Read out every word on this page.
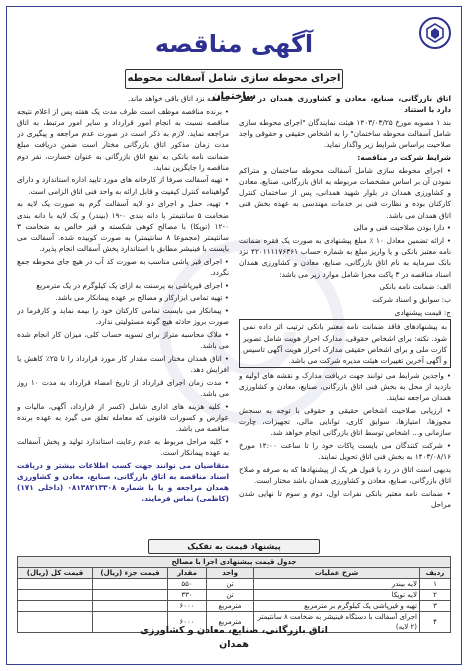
آگهی مناقصه
اجرای محوطه سازی شامل آسفالت محوطه ساختمان

اتاق بازرگانی، صنایع، معادن و کشاورزی همدان در نظر دارد با استناد

بند ۱ مصوبه مورخ ۱۴۰۳/۰۳/۲۵ هیئت نمایندگان "اجرای محوطه سازی شامل آسفالت محوطه ساختمان" را به اشخاص حقیقی و حقوقی واجد صلاحیت براساس شرایط زیر واگذار نماید.

شرایط شرکت در مناقصه:

• اجرای محوطه سازی شامل آسفالت محوطه ساختمان و متراکم نمودن آن بر اساس مشخصات مربوطه به اتاق بازرگانی، صنایع، معادن و کشاورزی همدان در بلوار شهید همدانی، پس از ساختمان کنترل کارکنان بوده و نظارت فنی بر خدمات مهندسی به عهده بخش فنی اتاق همدان می باشد.

• دارا بودن صلاحیت فنی و مالی

• ارائه تضمین معادل ۱۰ ٪ مبلغ پیشنهادی به صورت یک فقره ضمانت نامه معتبر بانکی و یا واریز مبلغ به شماره حساب ۴۲۰۱۱۱۱۷۶۳۶۱ نزد بانک سرمایه به نام اتاق بازرگانی، صنایع، معادن و کشاورزی همدان اسناد مناقصه در ۳ پاکت مجزا شامل موارد زیر می باشد:

الف: ضمانت نامه بانکی

ب: سوابق و اسناد شرکت

ج: قیمت پیشنهادی

به پیشنهادهای فاقد ضمانت نامه معتبر بانکی ترتیب اثر داده نمی شود. نکته: برای اشخاص حقوقی، مدارک احراز هویت شامل تصویر کارت ملی و برای اشخاص حقیقی مدارک احراز هویت آگهی تاسیس و آگهی آخرین تغییرات هیئت مدیره شرکت می باشد.

• واجدین شرایط می توانند جهت دریافت مدارک و نقشه های اولیه و بازدید از محل به بخش فنی اتاق بازرگانی، صنایع، معادن و کشاورزی همدان مراجعه نمایند.

• ارزیابی صلاحیت اشخاص حقیقی و حقوقی با توجه به سنجش مجوزها، امتیازها، سوابق کاری، توانایی مالی، تجهیزات، چارت سازمانی و... اشخاص توسط اتاق بازرگانی انجام خواهد شد.

• شرکت کنندگان می بایست پاکات خود را تا ساعت ۱۴:۰۰ مورخ ۱۴۰۳/۰۸/۱۶ به بخش فنی اتاق تحویل نمایند.

بدیهی است اتاق در رد یا قبول هر یک از پیشنهادها که به صرفه و صلاح اتاق بازرگانی، صنایع، معادن و کشاورزی همدان باشد مختار است.

• ضمانت نامه معتبر بانکی نفرات اول، دوم و سوم تا نهایی شدن مراحل

مناقصه نزد اتاق باقی خواهد ماند.

• برنده مناقصه موظف است ظرف مدت یک هفته پس از اعلام نتیجه مناقصه نسبت به انجام امور قرارداد و سایر امور مرتبط، به اتاق مراجعه نماید. لازم به ذکر است در صورت عدم مراجعه و پیگیری در مدت زمان مذکور اتاق بازرگانی مختار است ضمن دریافت مبلغ ضمانت نامه بانکی به نفع اتاق بازرگانی به عنوان خسارت، نفر دوم مناقصه را جایگزین نماید.

• تهیه آسفالت صرفا از کارخانه های مورد تایید اداره استاندارد و دارای گواهینامه کنترل کیفیت و قابل ارائه به واحد فنی اتاق الزامی است.

• تهیه، حمل و اجرای دو لایه آسفالت گرم به صورت یک لایه به ضخامت ۵ سانتیمتر با دانه بندی ۰-۱۹ (بیندر) و یک لایه با دانه بندی ۰-۱۲ (توپکا) با مصالح کوهی شکسته و قیر خالص به ضخامت ۳ سانتیمتر (مجموعا ۸ سانتیمتر) به صورت کوبیده شده. آسفالت می بایست با فینیشر مطابق با استاندارد پخش آسفالت انجام پذیرد.

• اجرای قیر پاشی مناسب به صورت کد آب در هیچ جای محوطه جمع نگردد.

• اجرای قیرپاشی به پرسنت به ازای یک کیلوگرم در یک مترمربع

• تهیه تمامی ابزارکار و مصالح بر عهده پیمانکار می باشد.

• پیمانکار می بایست تمامی کارکنان خود را بیمه نماید و کارفرما در صورت بروز حادثه هیچ گونه مسئولیتی ندارد.

• ملاک محاسبه متراژ برای تسویه حساب کلی، میزان کار انجام شده می باشد.

• اتاق همدان مختار است مقدار کار مورد قرارداد را تا ۲۵٪ کاهش یا افزایش دهد.

• مدت زمان اجرای قرارداد از تاریخ امضاء قرارداد به مدت ۱۰ روز می باشد.

• کلیه هزینه های اداری شامل (کسر از قرارداد، آگهی، مالیات و عوارض و کسورات قانونی که معامله تعلق می گیرد به عهده برنده مناقصه می باشد.

• کلیه مراحل مربوط به عدم رعایت استاندارد تولید و پخش آسفالت به عهده پیمانکار است.

متقاضیان می توانند جهت کسب اطلاعات بیشتر و دریافت اسناد مناقصه به اتاق بازرگانی، صنایع، معادن و کشاورزی همدان مراجعه و یا با شماره ۰۸۱۳۸۲۱۳۳۰۸ (داخلی ۱۷۱) (کاظمی) تماس فرمایند.

پیشنهاد قیمت به تفکیک
جدول قیمت پیشنهادی اجرا با مصالح					
ردیف	شرح عملیات	واحد	مقدار	قیمت جزء (ریال)	قیمت کل (ریال)
۱	لایه بیندر	تن	۵۵۰		
۲	لایه توپکا	تن	۳۳۰		
۳	تهیه و قیرپاشی یک کیلوگرم بر مترمربع	مترمربع	۶۰۰۰		
۴	اجرای آسفالت با دستگاه فینیشر به ضخامت ۸ سانتیمتر (۲ لایه)	مترمربع	۶۰۰۰		
اتاق بازرگانی، صنایع، معادن و کشاورزی
همدان
